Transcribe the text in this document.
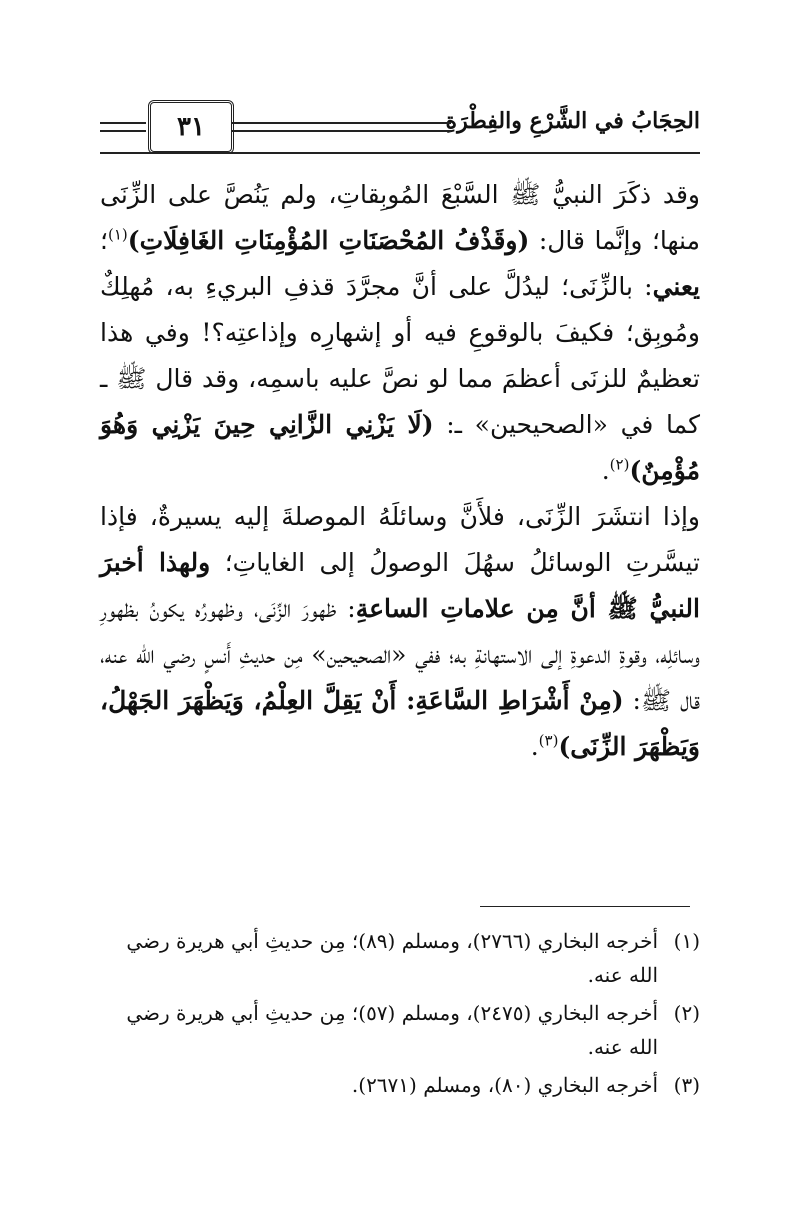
الحِجَابُ في الشَّرْعِ والفِطْرَةِ
٣١

وقد ذكَرَ النبيُّ ﷺ السَّبْعَ المُوبِقاتِ، ولم يَنُصَّ على الزِّنَى منها؛ وإنَّما قال: (وقَذْفُ المُحْصَنَاتِ المُؤْمِنَاتِ الغَافِلَاتِ)$^{(١)}$؛ يعني: بالزِّنَى؛ ليدُلَّ على أنَّ مجرَّدَ قذفِ البريءِ به، مُهلِكٌ ومُوبِق؛ فكيفَ بالوقوعِ فيه أو إشهارِه وإذاعتِه؟! وفي هذا تعظيمٌ للزنَى أعظمَ مما لو نصَّ عليه باسمِه، وقد قال ﷺ ـ كما في «الصحيحين» ـ: (لَا يَزْنِي الزَّانِي حِينَ يَزْنِي وَهُوَ مُؤْمِنٌ)$^{(٢)}$.

وإذا انتشَرَ الزِّنَى، فلأَنَّ وسائلَهُ الموصلةَ إليه يسيرةٌ، فإذا تيسَّرتِ الوسائلُ سهُلَ الوصولُ إلى الغاياتِ؛ ولهذا أخبرَ النبيُّ ﷺ أنَّ مِن علاماتِ الساعةِ: ظهورَ الزِّنَى، وظهورُه يكونُ بظهورِ وسائلِه، وقوةِ الدعوةِ إلى الاستهانةِ به؛ ففي «الصحيحين» مِن حديثِ أَنسٍ رضي الله عنه، قال ﷺ: (مِنْ أَشْرَاطِ السَّاعَةِ: أَنْ يَقِلَّ العِلْمُ، وَيَظْهَرَ الجَهْلُ، وَيَظْهَرَ الزِّنَى)$^{(٣)}$.

(١)
أخرجه البخاري (٢٧٦٦)، ومسلم (٨٩)؛ مِن حديثِ أبي هريرة رضي الله عنه.
(٢)
أخرجه البخاري (٢٤٧٥)، ومسلم (٥٧)؛ مِن حديثِ أبي هريرة رضي الله عنه.
(٣)
أخرجه البخاري (٨٠)، ومسلم (٢٦٧١).
